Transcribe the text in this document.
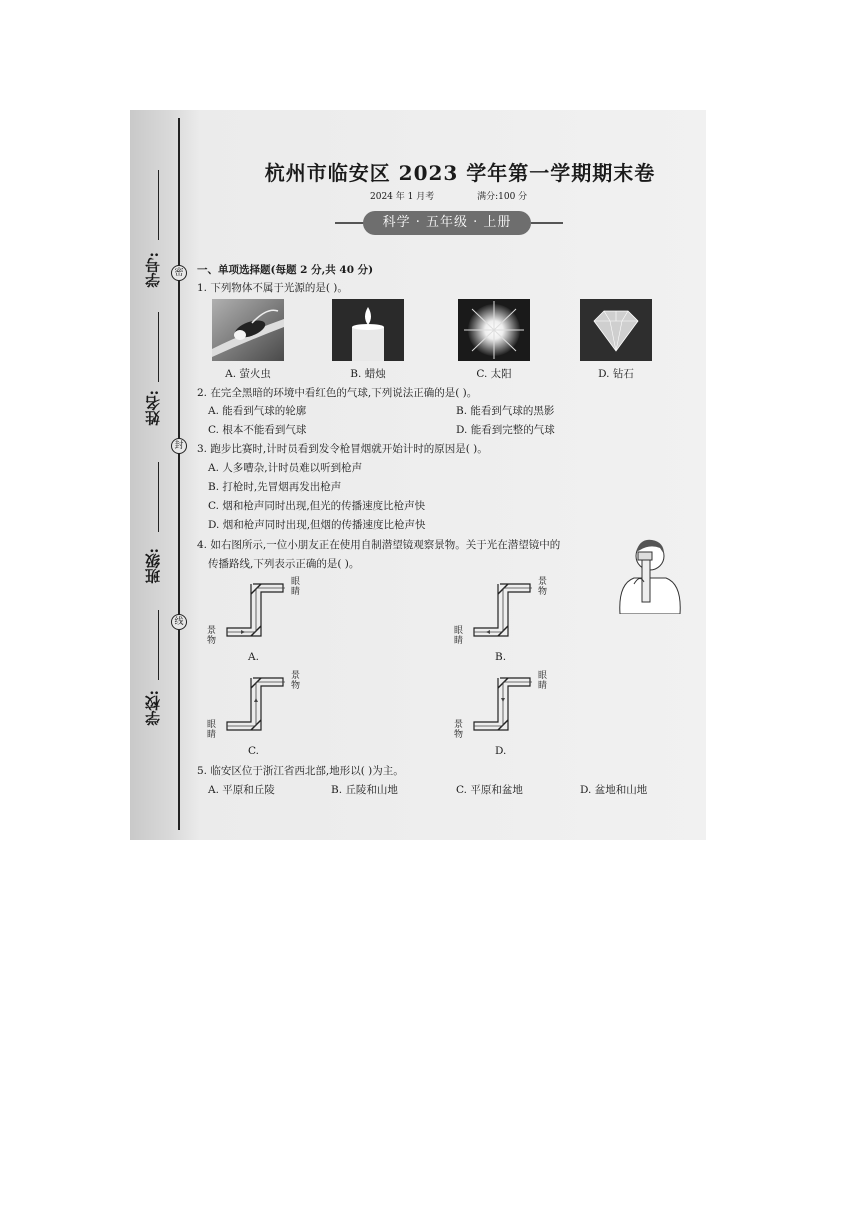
学号:	密
姓名:
封
班级:
线
学校:
杭州市临安区 2023 学年第一学期期末卷
2024 年 1 月考	满分:100 分
科学 · 五年级 · 上册
一、单项选择题(每题 2 分,共 40 分)
1. 下列物体不属于光源的是( )。
A. 萤火虫	B. 蜡烛	C. 太阳	D. 钻石
2. 在完全黑暗的环境中看红色的气球,下列说法正确的是( )。
A. 能看到气球的轮廓	B. 能看到气球的黑影
C. 根本不能看到气球	D. 能看到完整的气球
3. 跑步比赛时,计时员看到发令枪冒烟就开始计时的原因是( )。
A. 人多嘈杂,计时员难以听到枪声
B. 打枪时,先冒烟再发出枪声
C. 烟和枪声同时出现,但光的传播速度比枪声快
D. 烟和枪声同时出现,但烟的传播速度比枪声快
4. 如右图所示,一位小朋友正在使用自制潜望镜观察景物。关于光在潜望镜中的
传播路线,下列表示正确的是( )。
眼睛
景物
A.
景物
眼睛
B.
景物
眼睛
C.
眼睛
景物
D.
5. 临安区位于浙江省西北部,地形以( )为主。
A. 平原和丘陵	B. 丘陵和山地	C. 平原和盆地	D. 盆地和山地
